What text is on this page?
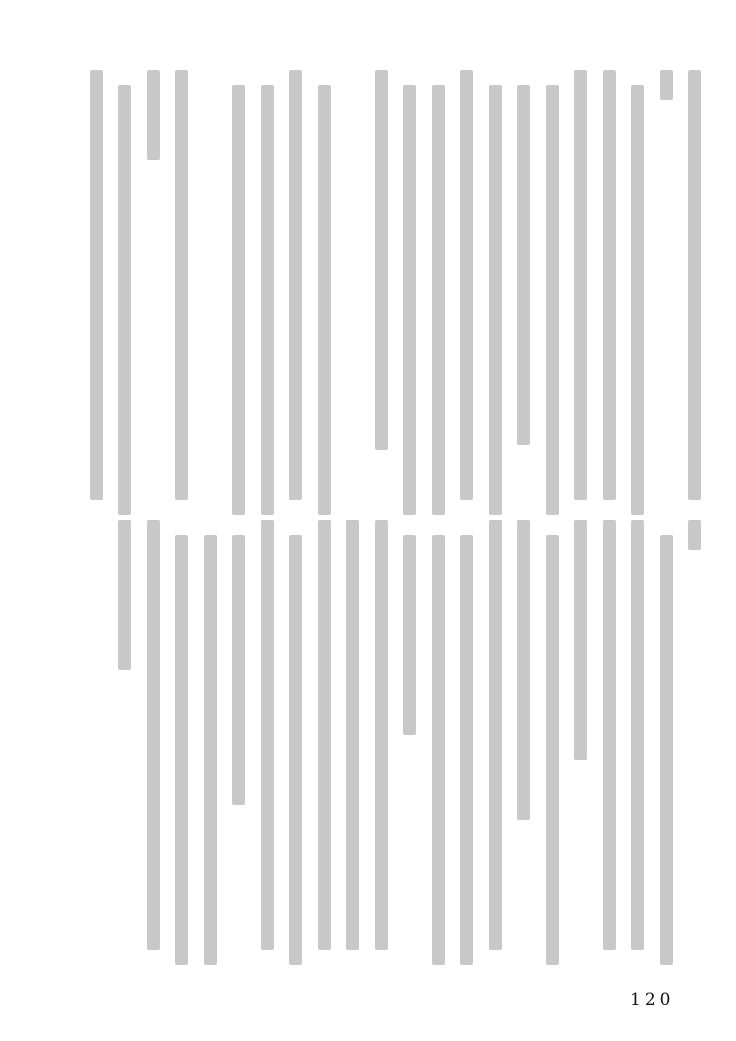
120
